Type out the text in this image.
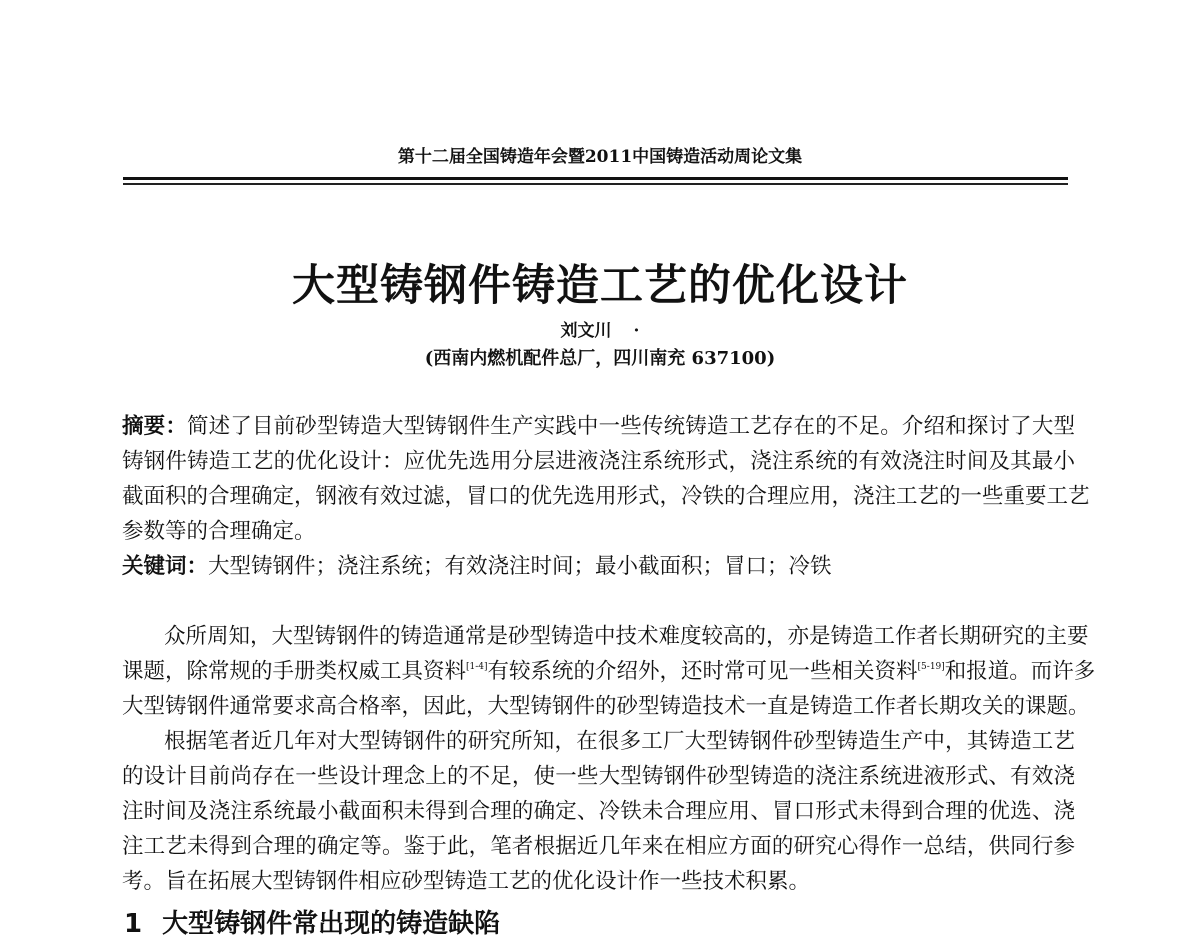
第十二届全国铸造年会暨2011中国铸造活动周论文集
大型铸钢件铸造工艺的优化设计
刘文川 ·
(西南内燃机配件总厂，四川南充 637100)
摘要：简述了目前砂型铸造大型铸钢件生产实践中一些传统铸造工艺存在的不足。介绍和探讨了大型
铸钢件铸造工艺的优化设计：应优先选用分层进液浇注系统形式，浇注系统的有效浇注时间及其最小
截面积的合理确定，钢液有效过滤，冒口的优先选用形式，冷铁的合理应用，浇注工艺的一些重要工艺
参数等的合理确定。
关键词：大型铸钢件；浇注系统；有效浇注时间；最小截面积；冒口；冷铁
众所周知，大型铸钢件的铸造通常是砂型铸造中技术难度较高的，亦是铸造工作者长期研究的主要
课题，除常规的手册类权威工具资料[1-4]有较系统的介绍外，还时常可见一些相关资料[5-19]和报道。而许多
大型铸钢件通常要求高合格率，因此，大型铸钢件的砂型铸造技术一直是铸造工作者长期攻关的课题。
根据笔者近几年对大型铸钢件的研究所知，在很多工厂大型铸钢件砂型铸造生产中，其铸造工艺
的设计目前尚存在一些设计理念上的不足，使一些大型铸钢件砂型铸造的浇注系统进液形式、有效浇
注时间及浇注系统最小截面积未得到合理的确定、冷铁未合理应用、冒口形式未得到合理的优选、浇
注工艺未得到合理的确定等。鉴于此，笔者根据近几年来在相应方面的研究心得作一总结，供同行参
考。旨在拓展大型铸钢件相应砂型铸造工艺的优化设计作一些技术积累。
1 大型铸钢件常出现的铸造缺陷
